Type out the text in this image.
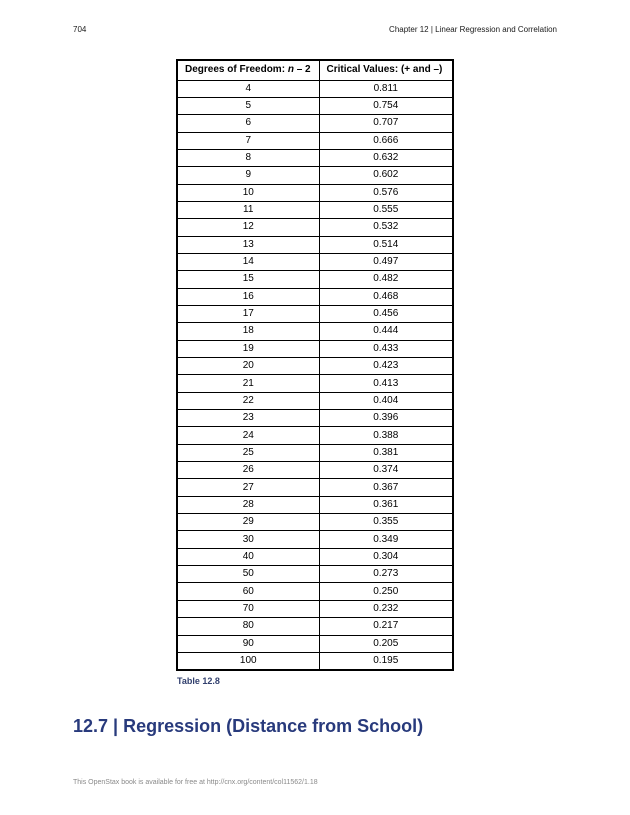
704	Chapter 12 | Linear Regression and Correlation
Degrees of Freedom: n – 2	Critical Values: (+ and –)
4	0.811
5	0.754
6	0.707
7	0.666
8	0.632
9	0.602
10	0.576
11	0.555
12	0.532
13	0.514
14	0.497
15	0.482
16	0.468
17	0.456
18	0.444
19	0.433
20	0.423
21	0.413
22	0.404
23	0.396
24	0.388
25	0.381
26	0.374
27	0.367
28	0.361
29	0.355
30	0.349
40	0.304
50	0.273
60	0.250
70	0.232
80	0.217
90	0.205
100	0.195
Table 12.8
12.7 | Regression (Distance from School)
This OpenStax book is available for free at http://cnx.org/content/col11562/1.18
